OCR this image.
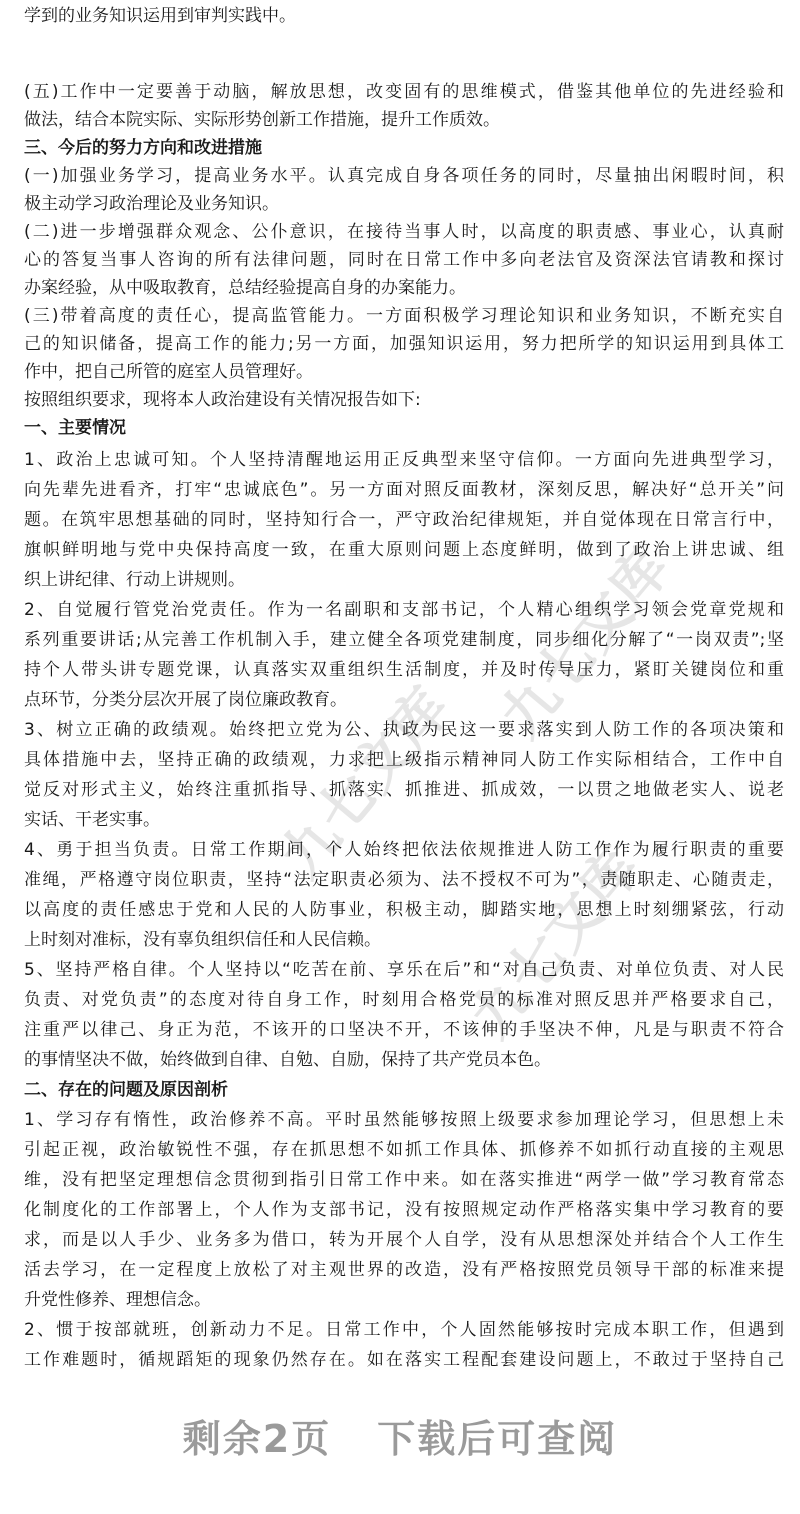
九七文库
九七文库
九七文库
学到的业务知识运用到审判实践中。
(五)工作中一定要善于动脑，解放思想，改变固有的思维模式，借鉴其他单位的先进经验和
做法，结合本院实际、实际形势创新工作措施，提升工作质效。
三、今后的努力方向和改进措施
(一)加强业务学习，提高业务水平。认真完成自身各项任务的同时，尽量抽出闲暇时间，积
极主动学习政治理论及业务知识。
(二)进一步增强群众观念、公仆意识，在接待当事人时，以高度的职责感、事业心，认真耐
心的答复当事人咨询的所有法律问题，同时在日常工作中多向老法官及资深法官请教和探讨
办案经验，从中吸取教育，总结经验提高自身的办案能力。
(三)带着高度的责任心，提高监管能力。一方面积极学习理论知识和业务知识，不断充实自
己的知识储备，提高工作的能力;另一方面，加强知识运用，努力把所学的知识运用到具体工
作中，把自己所管的庭室人员管理好。
按照组织要求，现将本人政治建设有关情况报告如下:
一、主要情况
1、政治上忠诚可知。个人坚持清醒地运用正反典型来坚守信仰。一方面向先进典型学习，
向先辈先进看齐，打牢“忠诚底色”。另一方面对照反面教材，深刻反思，解决好“总开关”问
题。在筑牢思想基础的同时，坚持知行合一，严守政治纪律规矩，并自觉体现在日常言行中，
旗帜鲜明地与党中央保持高度一致，在重大原则问题上态度鲜明，做到了政治上讲忠诚、组
织上讲纪律、行动上讲规则。
2、自觉履行管党治党责任。作为一名副职和支部书记，个人精心组织学习领会党章党规和
系列重要讲话;从完善工作机制入手，建立健全各项党建制度，同步细化分解了“一岗双责”;坚
持个人带头讲专题党课，认真落实双重组织生活制度，并及时传导压力，紧盯关键岗位和重
点环节，分类分层次开展了岗位廉政教育。
3、树立正确的政绩观。始终把立党为公、执政为民这一要求落实到人防工作的各项决策和
具体措施中去，坚持正确的政绩观，力求把上级指示精神同人防工作实际相结合，工作中自
觉反对形式主义，始终注重抓指导、抓落实、抓推进、抓成效，一以贯之地做老实人、说老
实话、干老实事。
4、勇于担当负责。日常工作期间，个人始终把依法依规推进人防工作作为履行职责的重要
准绳，严格遵守岗位职责，坚持“法定职责必须为、法不授权不可为”，责随职走、心随责走，
以高度的责任感忠于党和人民的人防事业，积极主动，脚踏实地，思想上时刻绷紧弦，行动
上时刻对准标，没有辜负组织信任和人民信赖。
5、坚持严格自律。个人坚持以“吃苦在前、享乐在后”和“对自己负责、对单位负责、对人民
负责、对党负责”的态度对待自身工作，时刻用合格党员的标准对照反思并严格要求自己，
注重严以律己、身正为范，不该开的口坚决不开，不该伸的手坚决不伸，凡是与职责不符合
的事情坚决不做，始终做到自律、自勉、自励，保持了共产党员本色。
二、存在的问题及原因剖析
1、学习存有惰性，政治修养不高。平时虽然能够按照上级要求参加理论学习，但思想上未
引起正视，政治敏锐性不强，存在抓思想不如抓工作具体、抓修养不如抓行动直接的主观思
维，没有把坚定理想信念贯彻到指引日常工作中来。如在落实推进“两学一做”学习教育常态
化制度化的工作部署上，个人作为支部书记，没有按照规定动作严格落实集中学习教育的要
求，而是以人手少、业务多为借口，转为开展个人自学，没有从思想深处并结合个人工作生
活去学习，在一定程度上放松了对主观世界的改造，没有严格按照党员领导干部的标准来提
升党性修养、理想信念。
2、惯于按部就班，创新动力不足。日常工作中，个人固然能够按时完成本职工作，但遇到
工作难题时，循规蹈矩的现象仍然存在。如在落实工程配套建设问题上，不敢过于坚持自己
剩余2页 下载后可查阅
